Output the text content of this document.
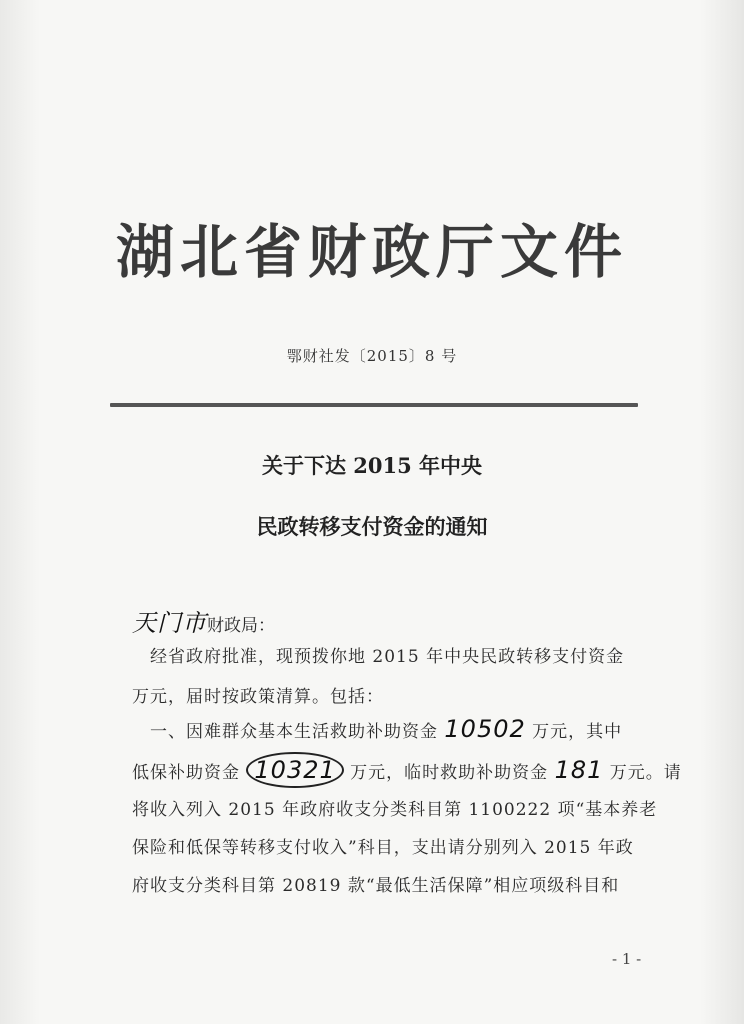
湖北省财政厅文件
鄂财社发〔2015〕8 号
关于下达 2015 年中央
民政转移支付资金的通知
天门市财政局：
经省政府批准，现预拨你地 2015 年中央民政转移支付资金
万元，届时按政策清算。包括：
一、因难群众基本生活救助补助资金 10502 万元，其中
低保补助资金 10321 万元，临时救助补助资金 181 万元。请
将收入列入 2015 年政府收支分类科目第 1100222 项“基本养老
保险和低保等转移支付收入”科目，支出请分别列入 2015 年政
府收支分类科目第 20819 款“最低生活保障”相应项级科目和
- 1 -
